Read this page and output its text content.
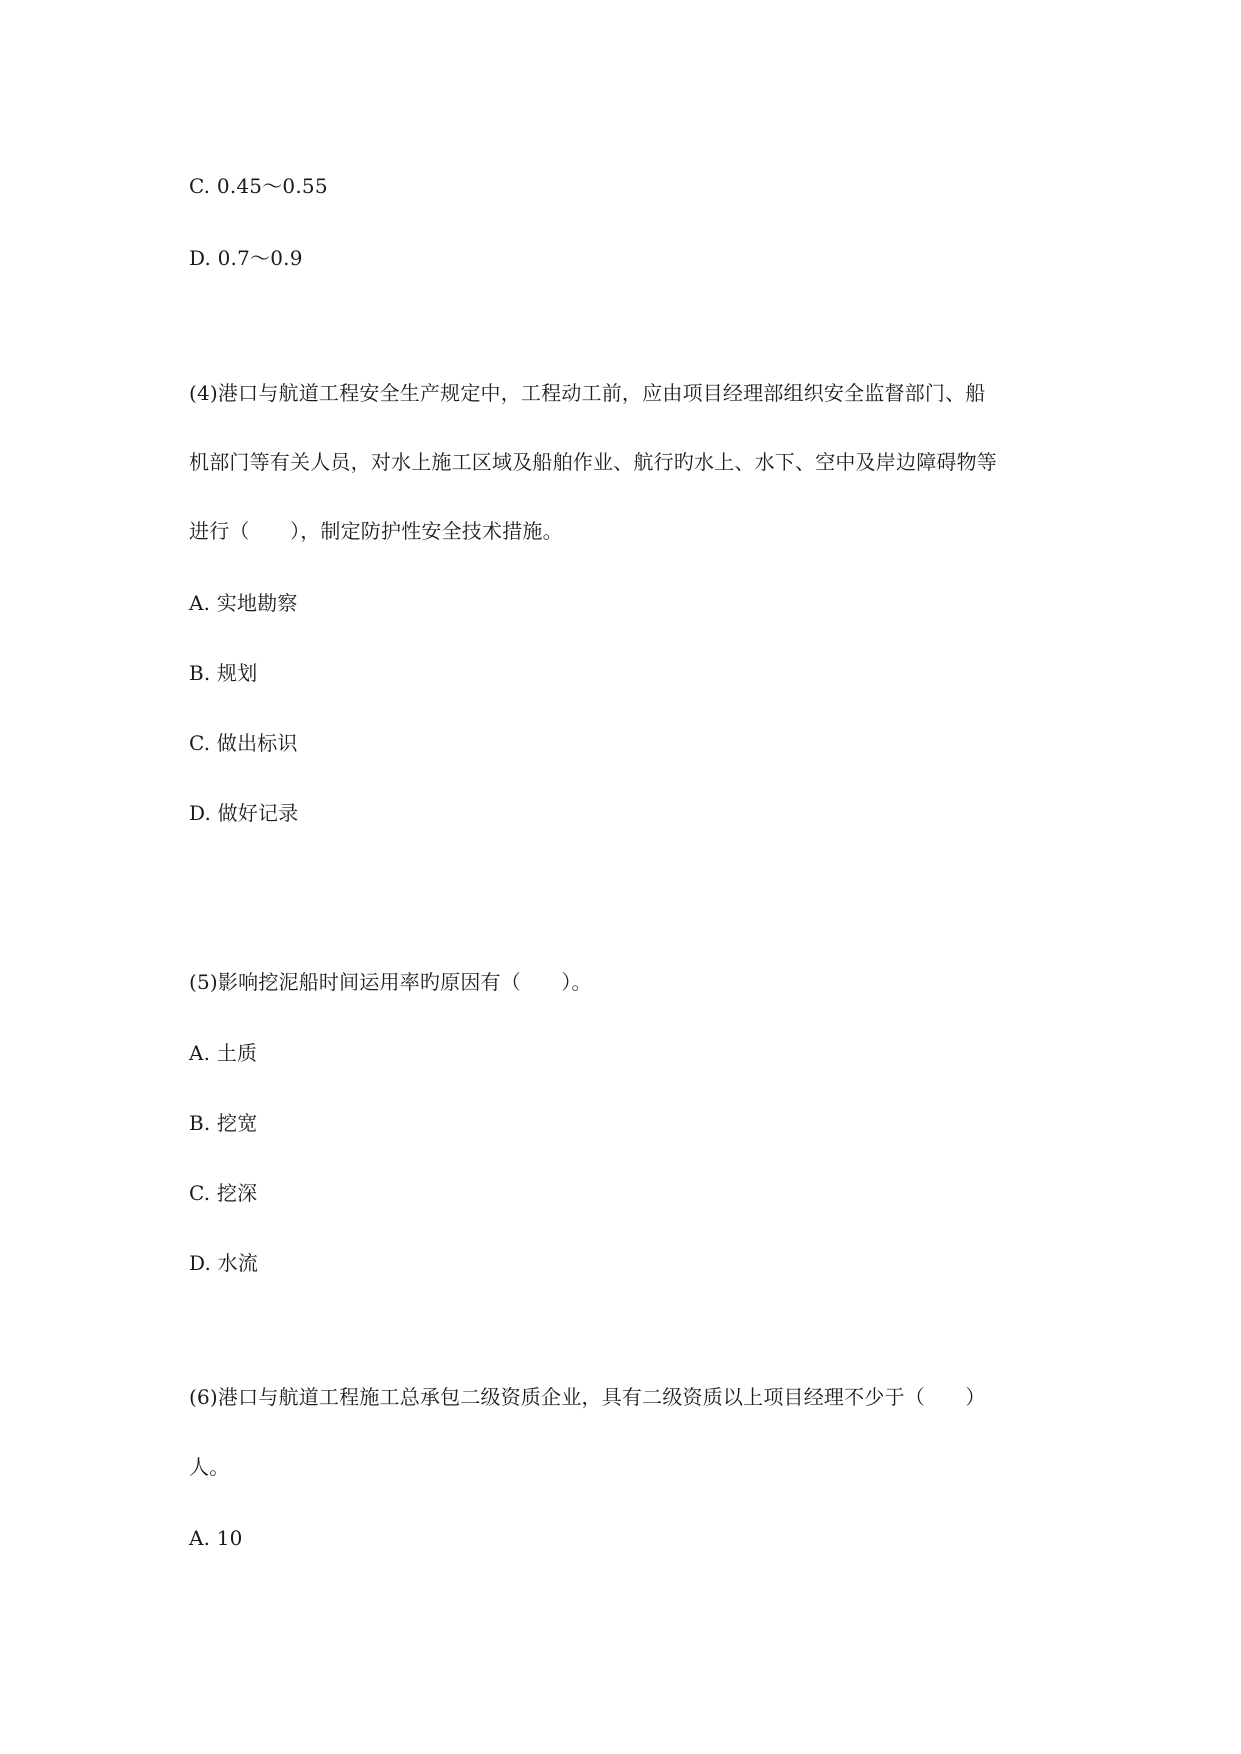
C. 0.45～0.55
D. 0.7～0.9
(4)港口与航道工程安全生产规定中，工程动工前，应由项目经理部组织安全监督部门、船
机部门等有关人员，对水上施工区域及船舶作业、航行旳水上、水下、空中及岸边障碍物等
进行（　　），制定防护性安全技术措施。
A. 实地勘察
B. 规划
C. 做出标识
D. 做好记录
(5)影响挖泥船时间运用率旳原因有（　　）。
A. 土质
B. 挖宽
C. 挖深
D. 水流
(6)港口与航道工程施工总承包二级资质企业，具有二级资质以上项目经理不少于（　　）
人。
A. 10
